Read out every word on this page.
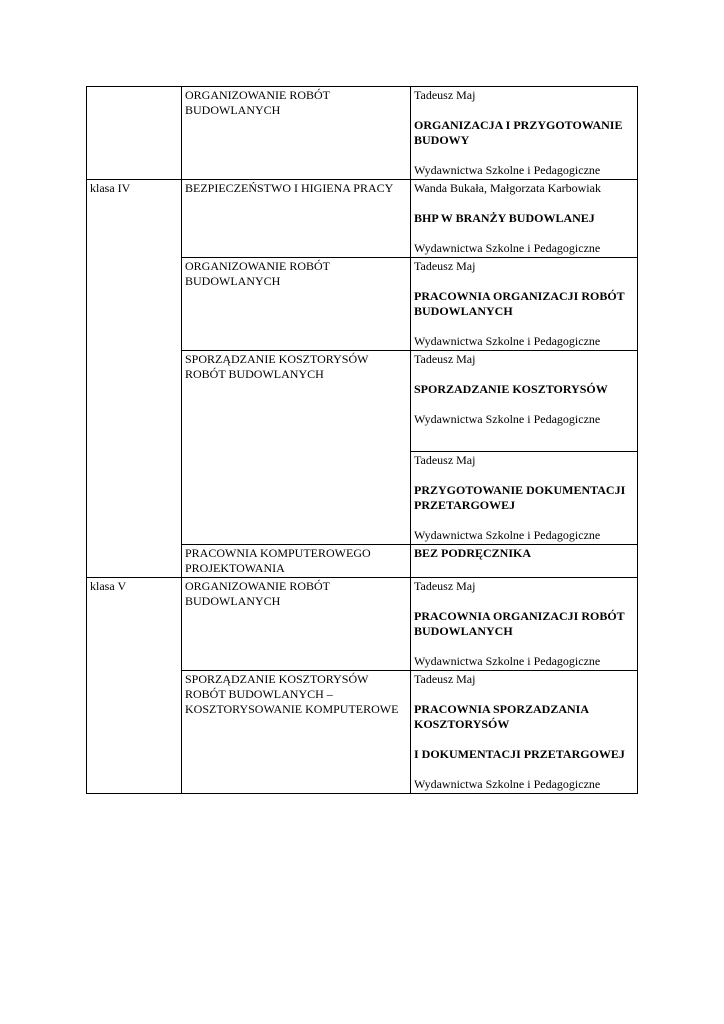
	ORGANIZOWANIE ROBÓT BUDOWLANYCH	Tadeusz Maj
ORGANIZACJA I PRZYGOTOWANIE BUDOWY
Wydawnictwa Szkolne i Pedagogiczne

klasa IV	BEZPIECZEŃSTWO I HIGIENA PRACY	Wanda Bukała, Małgorzata Karbowiak
BHP W BRANŻY BUDOWLANEJ
Wydawnictwa Szkolne i Pedagogiczne

	ORGANIZOWANIE ROBÓT BUDOWLANYCH	Tadeusz Maj
PRACOWNIA ORGANIZACJI ROBÓT BUDOWLANYCH
Wydawnictwa Szkolne i Pedagogiczne

	SPORZĄDZANIE KOSZTORYSÓW ROBÓT BUDOWLANYCH	Tadeusz Maj
SPORZADZANIE KOSZTORYSÓW
Wydawnictwa Szkolne i Pedagogiczne

		Tadeusz Maj
PRZYGOTOWANIE DOKUMENTACJI PRZETARGOWEJ
Wydawnictwa Szkolne i Pedagogiczne

	PRACOWNIA KOMPUTEROWEGO PROJEKTOWANIA	BEZ PODRĘCZNIKA

klasa V	ORGANIZOWANIE ROBÓT BUDOWLANYCH	Tadeusz Maj
PRACOWNIA ORGANIZACJI ROBÓT BUDOWLANYCH
Wydawnictwa Szkolne i Pedagogiczne

	SPORZĄDZANIE KOSZTORYSÓW ROBÓT BUDOWLANYCH – KOSZTORYSOWANIE KOMPUTEROWE	Tadeusz Maj
PRACOWNIA SPORZADZANIA KOSZTORYSÓW
I DOKUMENTACJI PRZETARGOWEJ
Wydawnictwa Szkolne i Pedagogiczne
